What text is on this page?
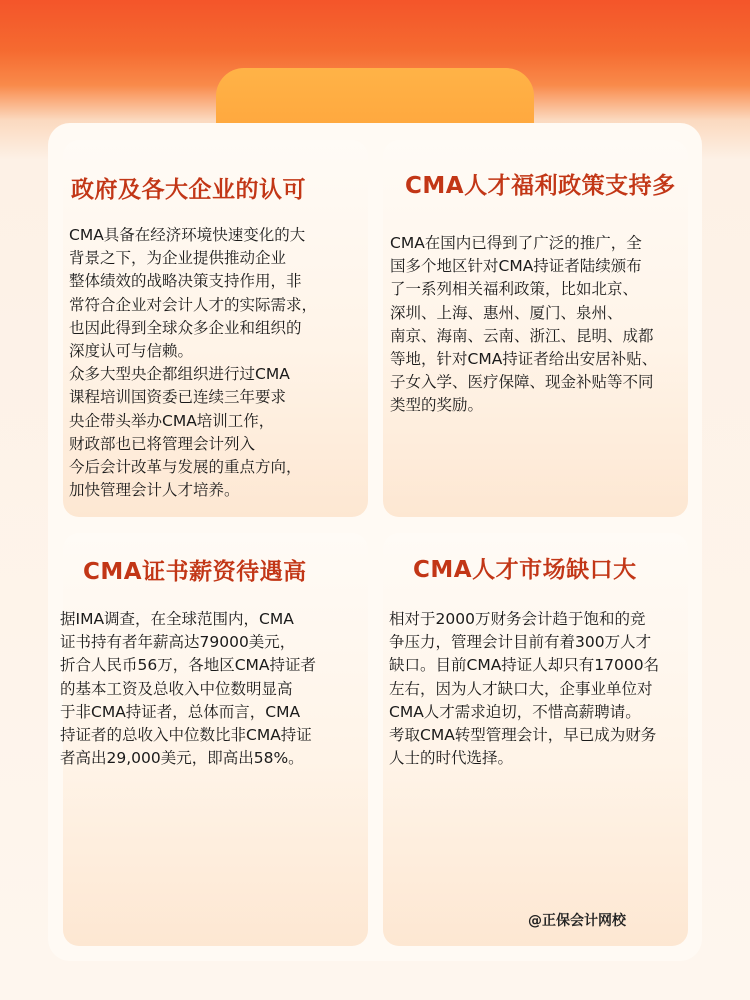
政府及各大企业的认可

CMA具备在经济环境快速变化的大
背景之下，为企业提供推动企业
整体绩效的战略决策支持作用，非
常符合企业对会计人才的实际需求，
也因此得到全球众多企业和组织的
深度认可与信赖。
众多大型央企都组织进行过CMA
课程培训国资委已连续三年要求
央企带头举办CMA培训工作，
财政部也已将管理会计列入
今后会计改革与发展的重点方向，
加快管理会计人才培养。

CMA人才福利政策支持多

CMA在国内已得到了广泛的推广，全
国多个地区针对CMA持证者陆续颁布
了一系列相关福利政策，比如北京、
深圳、上海、惠州、厦门、泉州、
南京、海南、云南、浙江、昆明、成都
等地，针对CMA持证者给出安居补贴、
子女入学、医疗保障、现金补贴等不同
类型的奖励。

CMA证书薪资待遇高

据IMA调查，在全球范围内，CMA
证书持有者年薪高达79000美元，
折合人民币56万，各地区CMA持证者
的基本工资及总收入中位数明显高
于非CMA持证者，总体而言，CMA
持证者的总收入中位数比非CMA持证
者高出29,000美元，即高出58%。

CMA人才市场缺口大

相对于2000万财务会计趋于饱和的竞
争压力，管理会计目前有着300万人才
缺口。目前CMA持证人却只有17000名
左右，因为人才缺口大，企事业单位对
CMA人才需求迫切，不惜高薪聘请。
考取CMA转型管理会计，早已成为财务
人士的时代选择。

@正保会计网校
